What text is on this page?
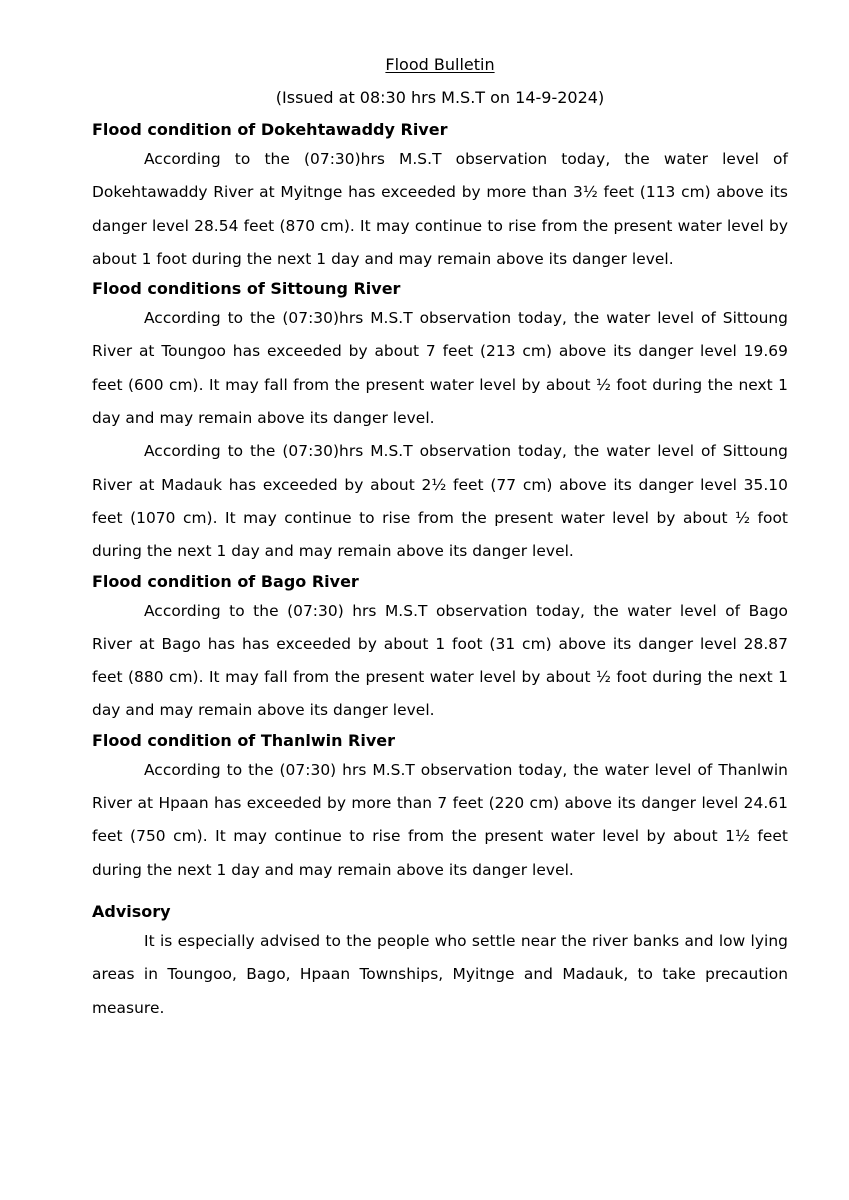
Flood Bulletin
(Issued at 08:30 hrs M.S.T on 14-9-2024)
Flood condition of Dokehtawaddy River

According to the (07:30)hrs M.S.T observation today, the water level of Dokehtawaddy River at Myitnge has exceeded by more than 3½ feet (113 cm) above its danger level 28.54 feet (870 cm). It may continue to rise from the present water level by about 1 foot during the next 1 day and may remain above its danger level.

Flood conditions of Sittoung River

According to the (07:30)hrs M.S.T observation today, the water level of Sittoung River at Toungoo has exceeded by about 7 feet (213 cm) above its danger level 19.69 feet (600 cm). It may fall from the present water level by about ½ foot during the next 1 day and may remain above its danger level.

According to the (07:30)hrs M.S.T observation today, the water level of Sittoung River at Madauk has exceeded by about 2½ feet (77 cm) above its danger level 35.10 feet (1070 cm). It may continue to rise from the present water level by about ½ foot during the next 1 day and may remain above its danger level.

Flood condition of Bago River

According to the (07:30) hrs M.S.T observation today, the water level of Bago River at Bago has has exceeded by about 1 foot (31 cm) above its danger level 28.87 feet (880 cm). It may fall from the present water level by about ½ foot during the next 1 day and may remain above its danger level.

Flood condition of Thanlwin River

According to the (07:30) hrs M.S.T observation today, the water level of Thanlwin River at Hpaan has exceeded by more than 7 feet (220 cm) above its danger level 24.61 feet (750 cm). It may continue to rise from the present water level by about 1½ feet during the next 1 day and may remain above its danger level.

Advisory

It is especially advised to the people who settle near the river banks and low lying areas in Toungoo, Bago, Hpaan Townships, Myitnge and Madauk, to take precaution measure.
